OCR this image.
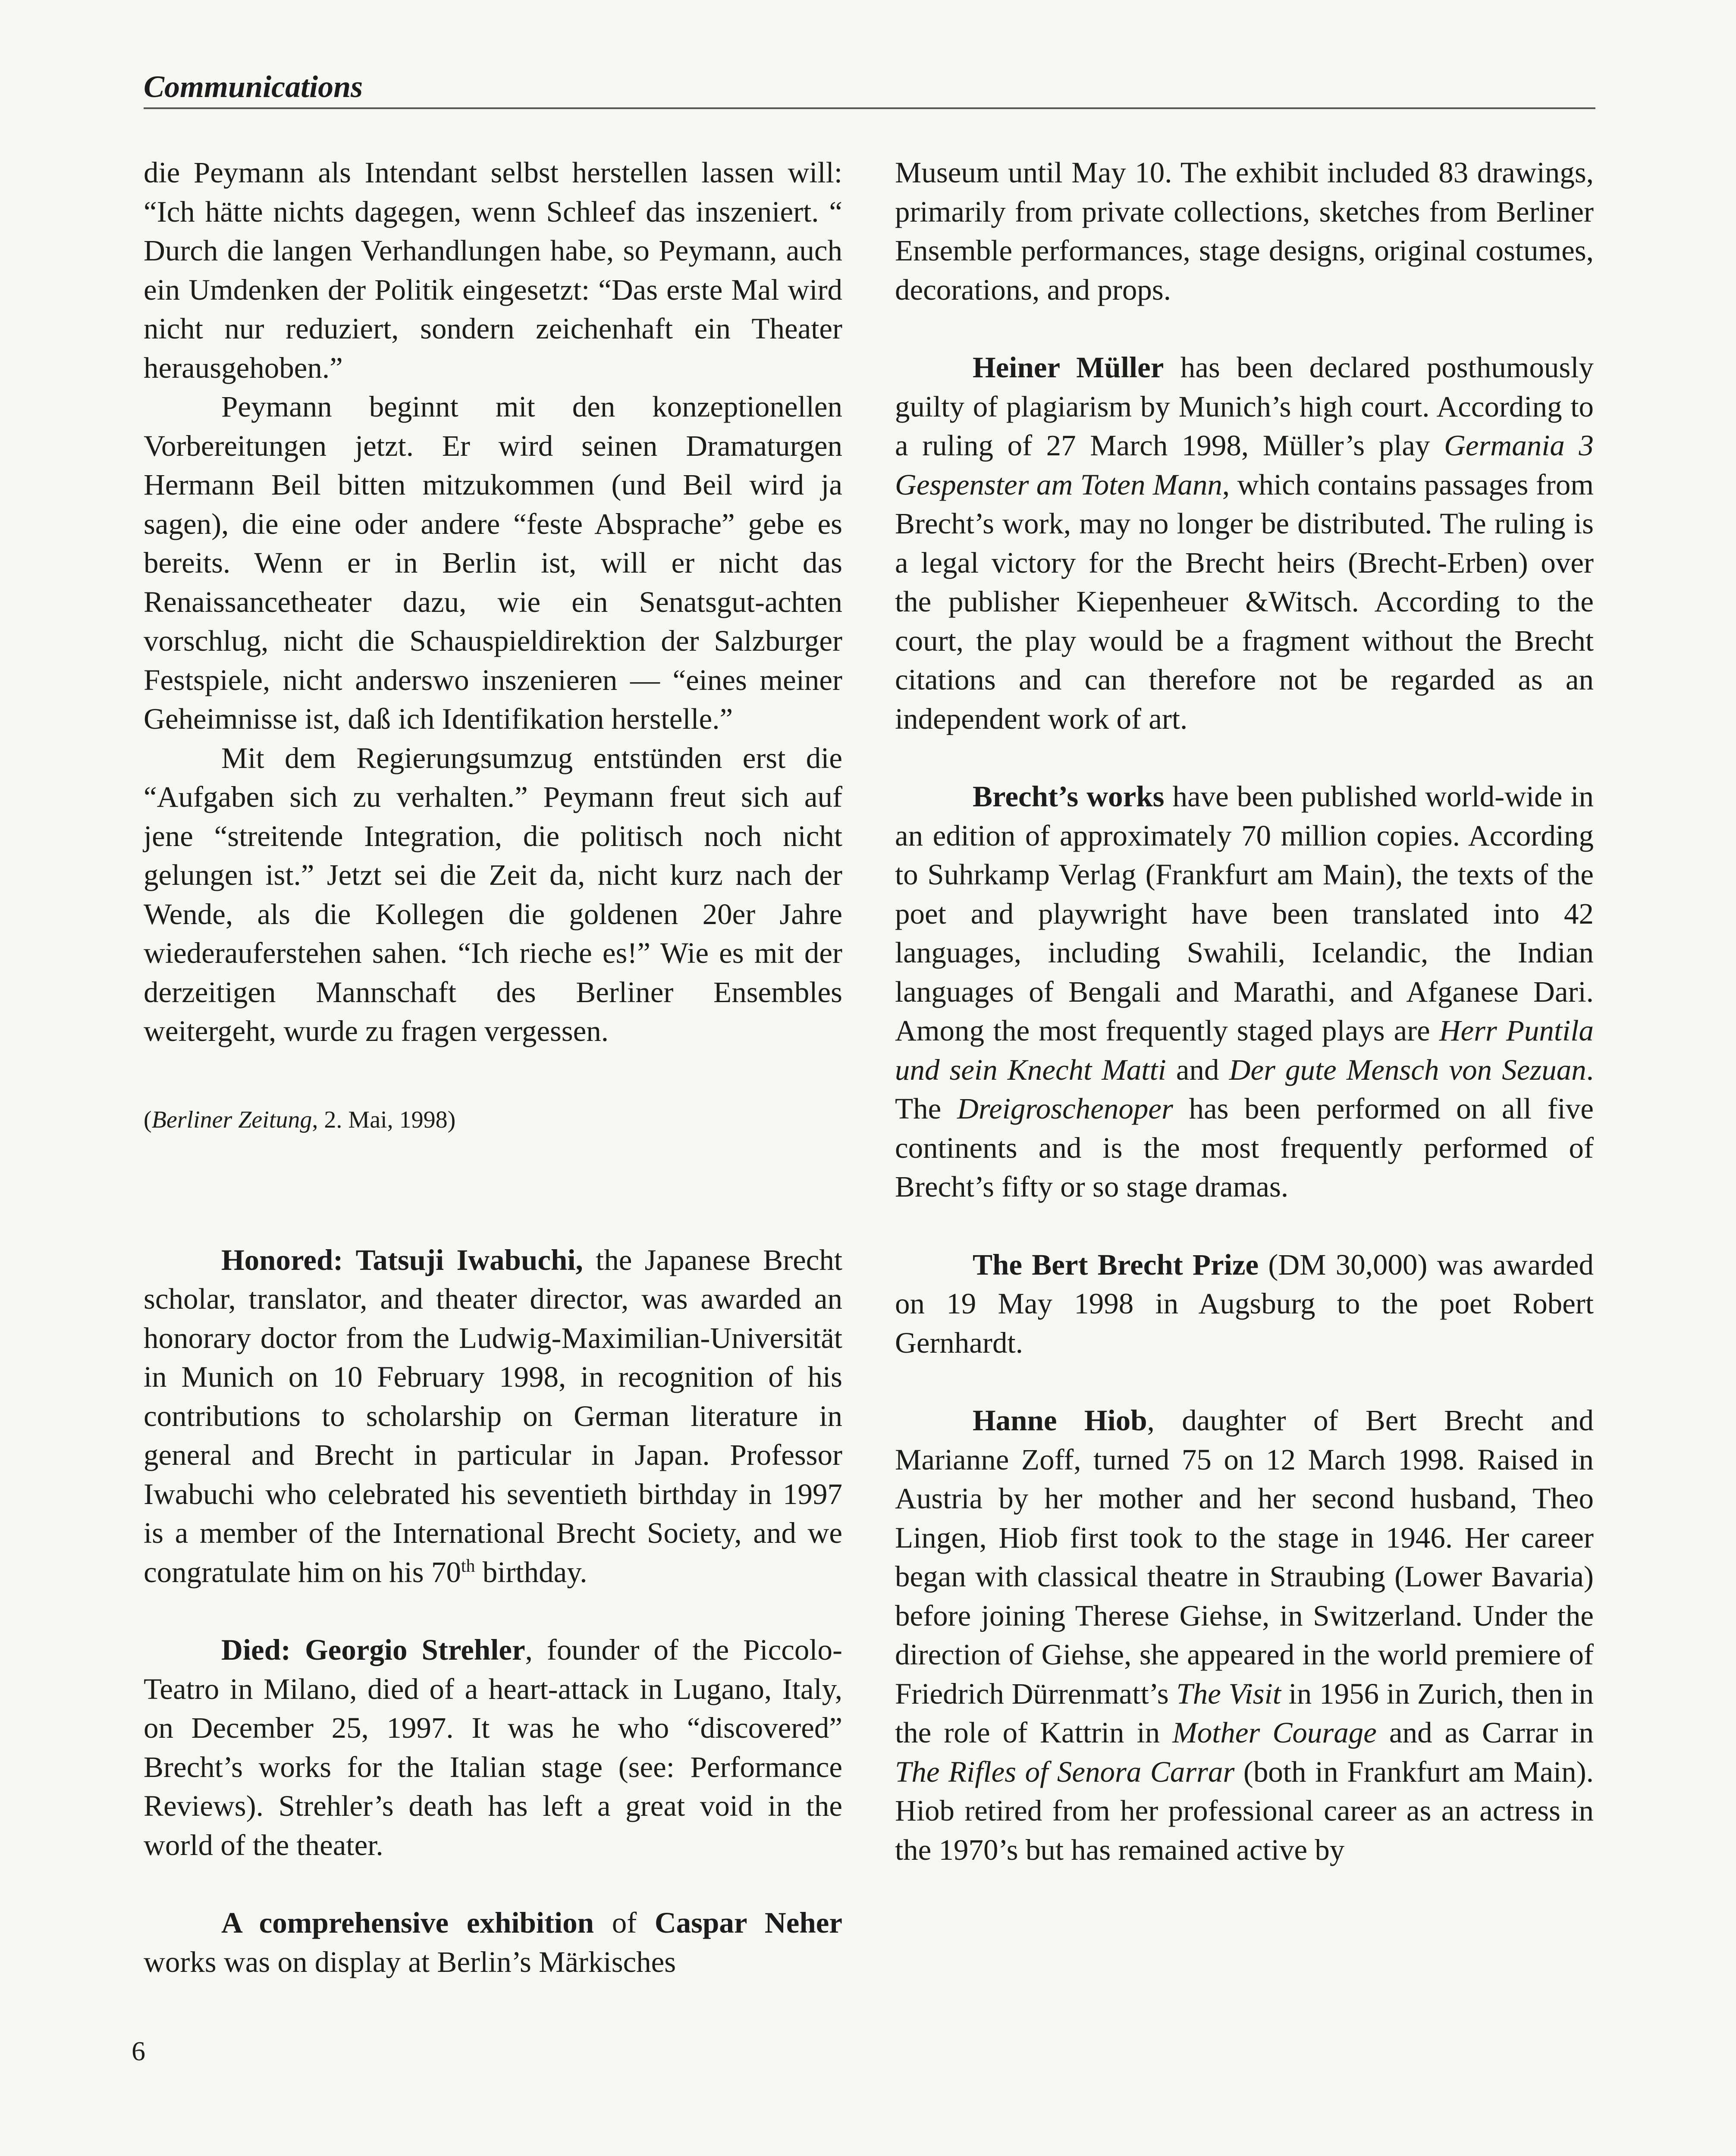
Communications

die Peymann als Intendant selbst herstellen lassen will: “Ich hätte nichts dagegen, wenn Schleef das inszeniert. “ Durch die langen Verhandlungen habe, so Peymann, auch ein Umdenken der Politik eingesetzt: “Das erste Mal wird nicht nur reduziert, sondern zeichenhaft ein Theater herausgehoben.”

Peymann beginnt mit den konzeptionellen Vorbereitungen jetzt. Er wird seinen Dramaturgen Hermann Beil bitten mitzukommen (und Beil wird ja sagen), die eine oder andere “feste Absprache” gebe es bereits. Wenn er in Berlin ist, will er nicht das Renaissancetheater dazu, wie ein Senatsgut-achten vorschlug, nicht die Schauspieldirektion der Salzburger Festspiele, nicht anderswo inszenieren — “eines meiner Geheimnisse ist, daß ich Identifikation herstelle.”

Mit dem Regierungsumzug entstünden erst die “Aufgaben sich zu verhalten.” Peymann freut sich auf jene “streitende Integration, die politisch noch nicht gelungen ist.” Jetzt sei die Zeit da, nicht kurz nach der Wende, als die Kollegen die goldenen 20er Jahre wiederauferstehen sahen. “Ich rieche es!” Wie es mit der derzeitigen Mannschaft des Berliner Ensembles weitergeht, wurde zu fragen vergessen.

(Berliner Zeitung, 2. Mai, 1998)

Honored: Tatsuji Iwabuchi, the Japanese Brecht scholar, translator, and theater director, was awarded an honorary doctor from the Ludwig-Maximilian-Universität in Munich on 10 February 1998, in recognition of his contributions to scholarship on German literature in general and Brecht in particular in Japan. Professor Iwabuchi who celebrated his seventieth birthday in 1997 is a member of the International Brecht Society, and we congratulate him on his 70th birthday.

Died: Georgio Strehler, founder of the Piccolo-Teatro in Milano, died of a heart-attack in Lugano, Italy, on December 25, 1997. It was he who “discovered” Brecht’s works for the Italian stage (see: Performance Reviews). Strehler’s death has left a great void in the world of the theater.

A comprehensive exhibition of Caspar Neher works was on display at Berlin’s Märkisches

Museum until May 10. The exhibit included 83 drawings, primarily from private collections, sketches from Berliner Ensemble performances, stage designs, original costumes, decorations, and props.

Heiner Müller has been declared posthumously guilty of plagiarism by Munich’s high court. According to a ruling of 27 March 1998, Müller’s play Germania 3 Gespenster am Toten Mann, which contains passages from Brecht’s work, may no longer be distributed. The ruling is a legal victory for the Brecht heirs (Brecht-Erben) over the publisher Kiepenheuer &Witsch. According to the court, the play would be a fragment without the Brecht citations and can therefore not be regarded as an independent work of art.

Brecht’s works have been published world-wide in an edition of approximately 70 million copies. According to Suhrkamp Verlag (Frankfurt am Main), the texts of the poet and playwright have been translated into 42 languages, including Swahili, Icelandic, the Indian languages of Bengali and Marathi, and Afganese Dari. Among the most frequently staged plays are Herr Puntila und sein Knecht Matti and Der gute Mensch von Sezuan. The Dreigroschenoper has been performed on all five continents and is the most frequently performed of Brecht’s fifty or so stage dramas.

The Bert Brecht Prize (DM 30,000) was awarded on 19 May 1998 in Augsburg to the poet Robert Gernhardt.

Hanne Hiob, daughter of Bert Brecht and Marianne Zoff, turned 75 on 12 March 1998. Raised in Austria by her mother and her second husband, Theo Lingen, Hiob first took to the stage in 1946. Her career began with classical theatre in Straubing (Lower Bavaria) before joining Therese Giehse, in Switzerland. Under the direction of Giehse, she appeared in the world premiere of Friedrich Dürrenmatt’s The Visit in 1956 in Zurich, then in the role of Kattrin in Mother Courage and as Carrar in The Rifles of Senora Carrar (both in Frankfurt am Main). Hiob retired from her professional career as an actress in the 1970’s but has remained active by

6
